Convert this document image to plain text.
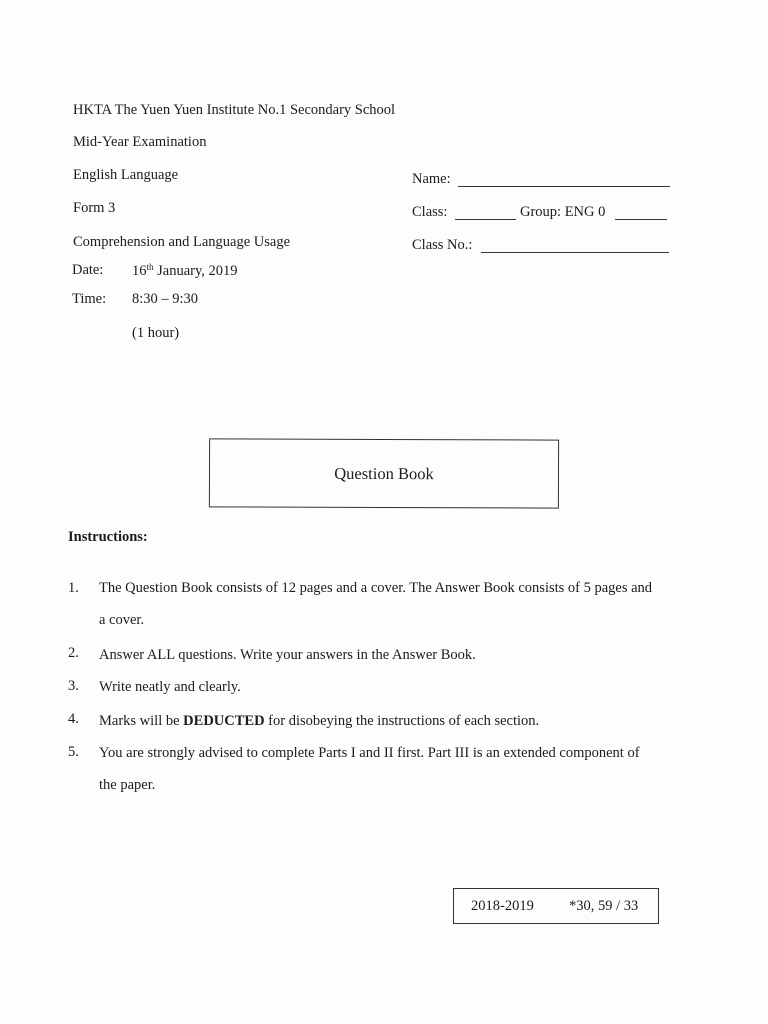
HKTA The Yuen Yuen Institute No.1 Secondary School
Mid-Year Examination
English Language
Form 3
Comprehension and Language Usage
Date: 16th January, 2019
Time: 8:30 – 9:30
(1 hour)
Name:
Class:	Group: ENG 0
Class No.:
Question Book
Instructions:
1. The Question Book consists of 12 pages and a cover. The Answer Book consists of 5 pages and
a cover.
2. Answer ALL questions. Write your answers in the Answer Book.
3. Write neatly and clearly.
4. Marks will be DEDUCTED for disobeying the instructions of each section.
5. You are strongly advised to complete Parts I and II first. Part III is an extended component of
the paper.
2018-2019 *30, 59 / 33
